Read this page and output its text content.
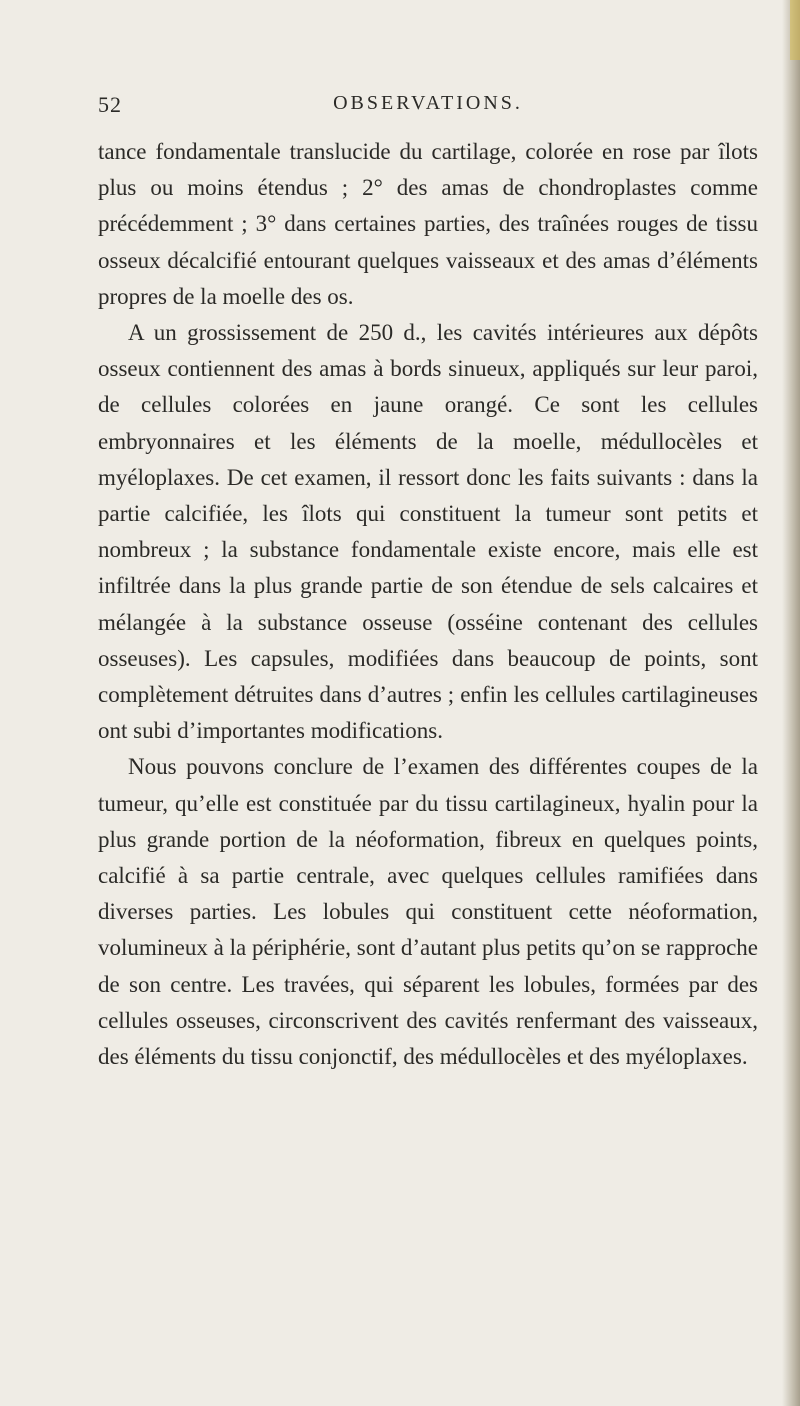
52	OBSERVATIONS.

tance fondamentale translucide du cartilage, colorée en rose par îlots plus ou moins étendus ; 2° des amas de chondroplastes comme précédemment ; 3° dans certaines parties, des traînées rouges de tissu osseux décalcifié entourant quelques vaisseaux et des amas d’éléments propres de la moelle des os.

A un grossissement de 250 d., les cavités intérieures aux dépôts osseux contiennent des amas à bords sinueux, appliqués sur leur paroi, de cellules colorées en jaune orangé. Ce sont les cellules embryonnaires et les éléments de la moelle, médullocèles et myéloplaxes. De cet examen, il ressort donc les faits suivants : dans la partie calcifiée, les îlots qui constituent la tumeur sont petits et nombreux ; la substance fondamentale existe encore, mais elle est infiltrée dans la plus grande partie de son étendue de sels calcaires et mélangée à la substance osseuse (osséine contenant des cellules osseuses). Les capsules, modifiées dans beaucoup de points, sont complètement détruites dans d’autres ; enfin les cellules cartilagineuses ont subi d’importantes modifications.

Nous pouvons conclure de l’examen des différentes coupes de la tumeur, qu’elle est constituée par du tissu cartilagineux, hyalin pour la plus grande portion de la néoformation, fibreux en quelques points, calcifié à sa partie centrale, avec quelques cellules ramifiées dans diverses parties. Les lobules qui constituent cette néoformation, volumineux à la périphérie, sont d’autant plus petits qu’on se rapproche de son centre. Les travées, qui séparent les lobules, formées par des cellules osseuses, circonscrivent des cavités renfermant des vaisseaux, des éléments du tissu conjonctif, des médullocèles et des myéloplaxes.
